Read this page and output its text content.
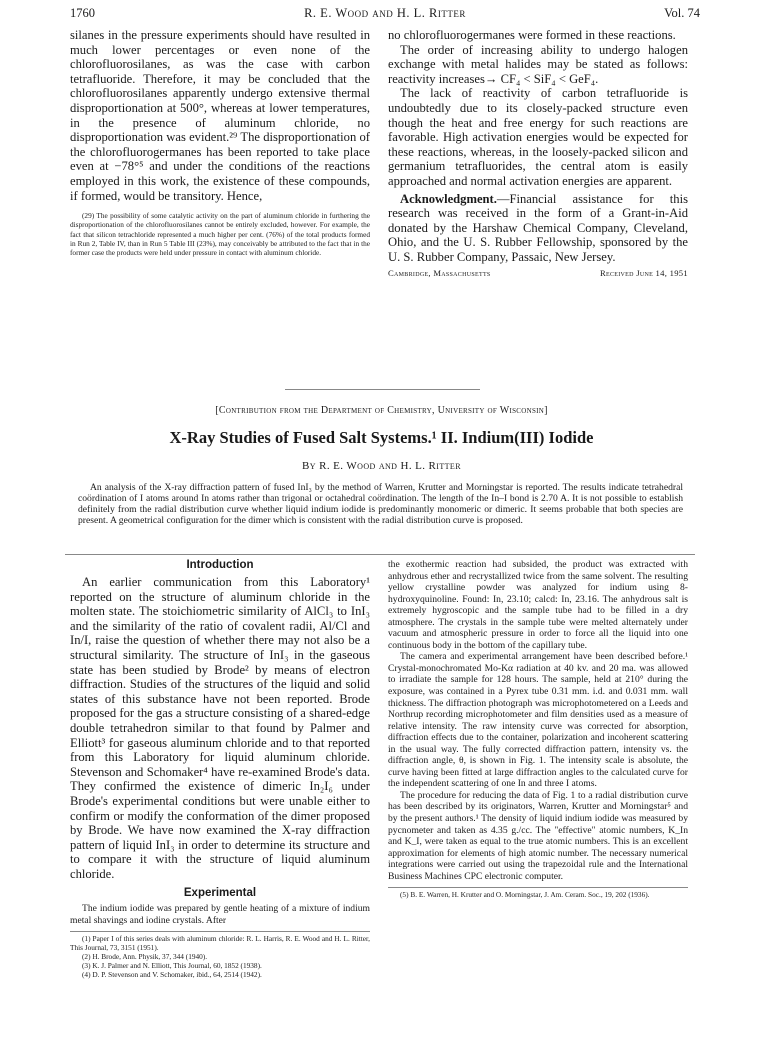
1760	R. E. Wood and H. L. Ritter	Vol. 74

silanes in the pressure experiments should have resulted in much lower percentages or even none of the chlorofluorosilanes, as was the case with carbon tetrafluoride. Therefore, it may be concluded that the chlorofluorosilanes apparently undergo extensive thermal disproportionation at 500°, whereas at lower temperatures, in the presence of aluminum chloride, no disproportionation was evident.²⁹ The disproportionation of the chlorofluorogermanes has been reported to take place even at −78°⁵ and under the conditions of the reactions employed in this work, the existence of these compounds, if formed, would be transitory. Hence,

(29) The possibility of some catalytic activity on the part of aluminum chloride in furthering the disproportionation of the chlorofluorosilanes cannot be entirely excluded, however. For example, the fact that silicon tetrachloride represented a much higher per cent. (76%) of the total products formed in Run 2, Table IV, than in Run 5 Table III (23%), may conceivably be attributed to the fact that in the former case the products were held under pressure in contact with aluminum chloride.

no chlorofluorogermanes were formed in these reactions.

The order of increasing ability to undergo halogen exchange with metal halides may be stated as follows: reactivity increases→ CF₄ < SiF₄ < GeF₄.

The lack of reactivity of carbon tetrafluoride is undoubtedly due to its closely-packed structure even though the heat and free energy for such reactions are favorable. High activation energies would be expected for these reactions, whereas, in the loosely-packed silicon and germanium tetrafluorides, the central atom is easily approached and normal activation energies are apparent.

Acknowledgment.—Financial assistance for this research was received in the form of a Grant-in-Aid donated by the Harshaw Chemical Company, Cleveland, Ohio, and the U. S. Rubber Fellowship, sponsored by the U. S. Rubber Company, Passaic, New Jersey.

Cambridge, Massachusetts	Received June 14, 1951
[Contribution from the Department of Chemistry, University of Wisconsin]
X-Ray Studies of Fused Salt Systems.¹ II. Indium(III) Iodide
By R. E. Wood and H. L. Ritter
An analysis of the X-ray diffraction pattern of fused InI₃ by the method of Warren, Krutter and Morningstar is reported. The results indicate tetrahedral coördination of I atoms around In atoms rather than trigonal or octahedral coördination. The length of the In–I bond is 2.70 A. It is not possible to establish definitely from the radial distribution curve whether liquid indium iodide is predominantly monomeric or dimeric. It seems probable that both species are present. A geometrical configuration for the dimer which is consistent with the radial distribution curve is proposed.
Introduction

An earlier communication from this Laboratory¹ reported on the structure of aluminum chloride in the molten state. The stoichiometric similarity of AlCl₃ to InI₃ and the similarity of the ratio of covalent radii, Al/Cl and In/I, raise the question of whether there may not also be a structural similarity. The structure of InI₃ in the gaseous state has been studied by Brode² by means of electron diffraction. Studies of the structures of the liquid and solid states of this substance have not been reported. Brode proposed for the gas a structure consisting of a shared-edge double tetrahedron similar to that found by Palmer and Elliott³ for gaseous aluminum chloride and to that reported from this Laboratory for liquid aluminum chloride. Stevenson and Schomaker⁴ have re-examined Brode's data. They confirmed the existence of dimeric In₂I₆ under Brode's experimental conditions but were unable either to confirm or modify the conformation of the dimer proposed by Brode. We have now examined the X-ray diffraction pattern of liquid InI₃ in order to determine its structure and to compare it with the structure of liquid aluminum chloride.

Experimental

The indium iodide was prepared by gentle heating of a mixture of indium metal shavings and iodine crystals. After

(1) Paper I of this series deals with aluminum chloride: R. L. Harris, R. E. Wood and H. L. Ritter, This Journal, 73, 3151 (1951).

(2) H. Brode, Ann. Physik, 37, 344 (1940).

(3) K. J. Palmer and N. Elliott, This Journal, 60, 1852 (1938).

(4) D. P. Stevenson and V. Schomaker, ibid., 64, 2514 (1942).

the exothermic reaction had subsided, the product was extracted with anhydrous ether and recrystallized twice from the same solvent. The resulting yellow crystalline powder was analyzed for indium using 8-hydroxyquinoline. Found: In, 23.10; calcd: In, 23.16. The anhydrous salt is extremely hygroscopic and the sample tube had to be filled in a dry atmosphere. The crystals in the sample tube were melted alternately under vacuum and atmospheric pressure in order to force all the liquid into one continuous body in the bottom of the capillary tube.

The camera and experimental arrangement have been described before.¹ Crystal-monochromated Mo-Kα radiation at 40 kv. and 20 ma. was allowed to irradiate the sample for 128 hours. The sample, held at 210° during the exposure, was contained in a Pyrex tube 0.31 mm. i.d. and 0.031 mm. wall thickness. The diffraction photograph was microphotometered on a Leeds and Northrup recording microphotometer and film densities used as a measure of relative intensity. The raw intensity curve was corrected for absorption, diffraction effects due to the container, polarization and incoherent scattering in the usual way. The fully corrected diffraction pattern, intensity vs. the diffraction angle, θ, is shown in Fig. 1. The intensity scale is absolute, the curve having been fitted at large diffraction angles to the calculated curve for the independent scattering of one In and three I atoms.

The procedure for reducing the data of Fig. 1 to a radial distribution curve has been described by its originators, Warren, Krutter and Morningstar⁵ and by the present authors.¹ The density of liquid indium iodide was measured by pycnometer and taken as 4.35 g./cc. The "effective" atomic numbers, K_In and K_I, were taken as equal to the true atomic numbers. This is an excellent approximation for elements of high atomic number. The necessary numerical integrations were carried out using the trapezoidal rule and the International Business Machines CPC electronic computer.

(5) B. E. Warren, H. Krutter and O. Morningstar, J. Am. Ceram. Soc., 19, 202 (1936).
